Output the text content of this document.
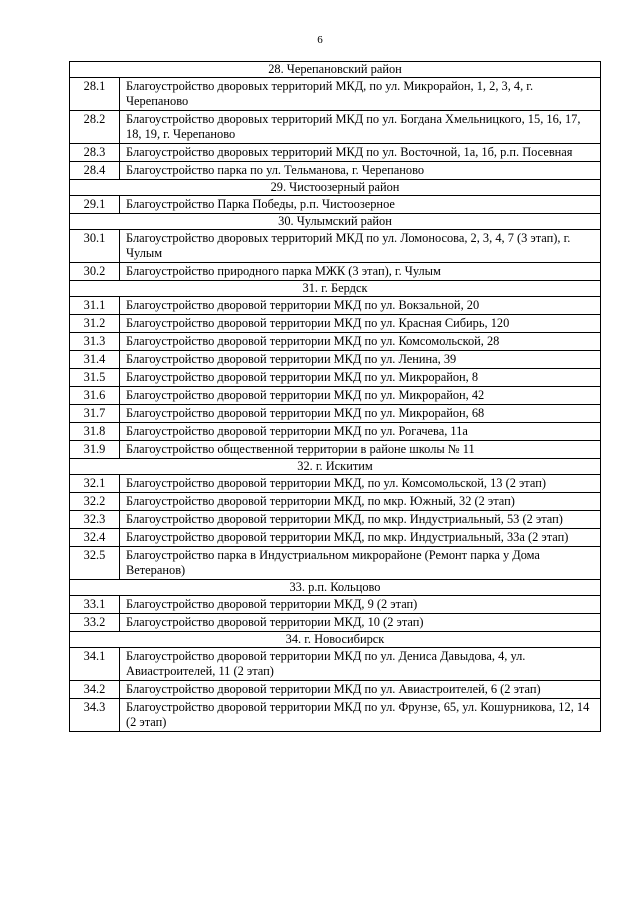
6
28. Черепановский район	
28.1	Благоустройство дворовых территорий МКД, по ул. Микрорайон, 1, 2, 3, 4, г. Черепаново
28.2	Благоустройство дворовых территорий МКД по ул. Богдана Хмельницкого, 15, 16, 17, 18, 19, г. Черепаново
28.3	Благоустройство дворовых территорий МКД по ул. Восточной, 1а, 1б, р.п. Посевная
28.4	Благоустройство парка по ул. Тельманова, г. Черепаново
29. Чистоозерный район	
29.1	Благоустройство Парка Победы, р.п. Чистоозерное
30. Чулымский район	
30.1	Благоустройство дворовых территорий МКД по ул. Ломоносова, 2, 3, 4, 7 (3 этап), г. Чулым
30.2	Благоустройство природного парка МЖК (3 этап), г. Чулым
31. г. Бердск	
31.1	Благоустройство дворовой территории МКД по ул. Вокзальной, 20
31.2	Благоустройство дворовой территории МКД по ул. Красная Сибирь, 120
31.3	Благоустройство дворовой территории МКД по ул. Комсомольской, 28
31.4	Благоустройство дворовой территории МКД по ул. Ленина, 39
31.5	Благоустройство дворовой территории МКД по ул. Микрорайон, 8
31.6	Благоустройство дворовой территории МКД по ул. Микрорайон, 42
31.7	Благоустройство дворовой территории МКД по ул. Микрорайон, 68
31.8	Благоустройство дворовой территории МКД по ул. Рогачева, 11а
31.9	Благоустройство общественной территории в районе школы № 11
32. г. Искитим	
32.1	Благоустройство дворовой территории МКД, по ул. Комсомольской, 13 (2 этап)
32.2	Благоустройство дворовой территории МКД, по мкр. Южный, 32 (2 этап)
32.3	Благоустройство дворовой территории МКД, по мкр. Индустриальный, 53 (2 этап)
32.4	Благоустройство дворовой территории МКД, по мкр. Индустриальный, 33а (2 этап)
32.5	Благоустройство парка в Индустриальном микрорайоне (Ремонт парка у Дома Ветеранов)
33. р.п. Кольцово	
33.1	Благоустройство дворовой территории МКД, 9 (2 этап)
33.2	Благоустройство дворовой территории МКД, 10 (2 этап)
34. г. Новосибирск	
34.1	Благоустройство дворовой территории МКД по ул. Дениса Давыдова, 4, ул. Авиастроителей, 11 (2 этап)
34.2	Благоустройство дворовой территории МКД по ул. Авиастроителей, 6 (2 этап)
34.3	Благоустройство дворовой территории МКД по ул. Фрунзе, 65, ул. Кошурникова, 12, 14 (2 этап)
